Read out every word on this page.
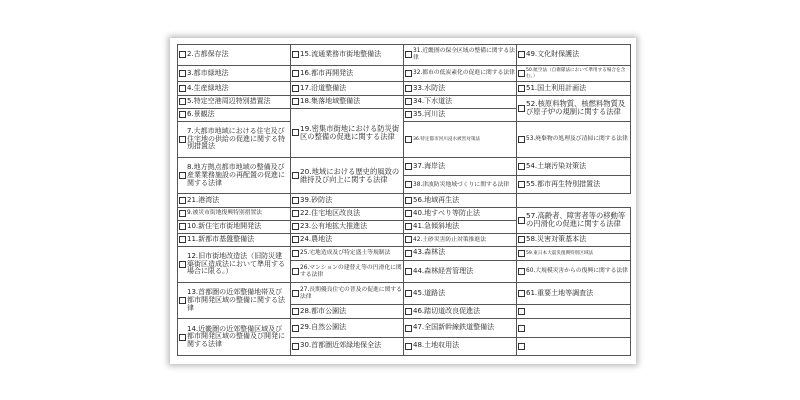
2.古都保存法	15.流通業務市街地整備法	31.近畿圏の保全区域の整備に関する法律	49.文化財保護法

3.都市緑地法	16.都市再開発法	32.都市の低炭素化の促進に関する法律	50.航空法（自衛隊法において準用する場合を含む。）

4.生産緑地法	17.沿道整備法	33.水防法	51.国土利用計画法

5.特定空港周辺特別措置法	18.集落地域整備法	34.下水道法	52.核原料物質、核燃料物質及び原子炉の規制に関する法律

6.景観法	19.密集市街地における防災街区の整備の促進に関する法律	35.河川法	

7.大都市地域における住宅及び住宅地の供給の促進に関する特別措置法		36.特定都市河川浸水被害対策法	53.廃棄物の処理及び清掃に関する法律

8.地方拠点都市地域の整備及び産業業務施設の再配置の促進に関する法律	20.地域における歴史的風致の維持及び向上に関する法律	37.海岸法	54.土壌汚染対策法

		38.津波防災地域づくりに関する法律	55.都市再生特別措置法

21.港湾法	39.砂防法	56.地域再生法	

9.被災市街地復興特別措置法	22.住宅地区改良法	40.地すべり等防止法	57.高齢者、障害者等の移動等の円滑化の促進に関する法律

10.新住宅市街地開発法	23.公有地拡大推進法	41.急傾斜地法	

11.新都市基盤整備法	24.農地法	42.土砂災害防止対策推進法	58.災害対策基本法

12.旧市街地改造法（旧防災建築街区造成法において準用する場合に限る。）	25.宅地造成及び特定盛土等規制法	43.森林法	59.東日本大震災復興特別区域法

	26.マンションの建替え等の円滑化に関する法律	44.森林経営管理法	60.大規模災害からの復興に関する法律

13.首都圏の近郊整備地帯及び都市開発区域の整備に関する法律	27.長期優良住宅の普及の促進に関する法律	45.道路法	61.重要土地等調査法

	28.都市公園法	46.踏切道改良促進法	

14.近畿圏の近郊整備区域及び都市開発区域の整備及び開発に関する法律	29.自然公園法	47.全国新幹線鉄道整備法	

	30.首都圏近郊緑地保全法	48.土地収用法	
